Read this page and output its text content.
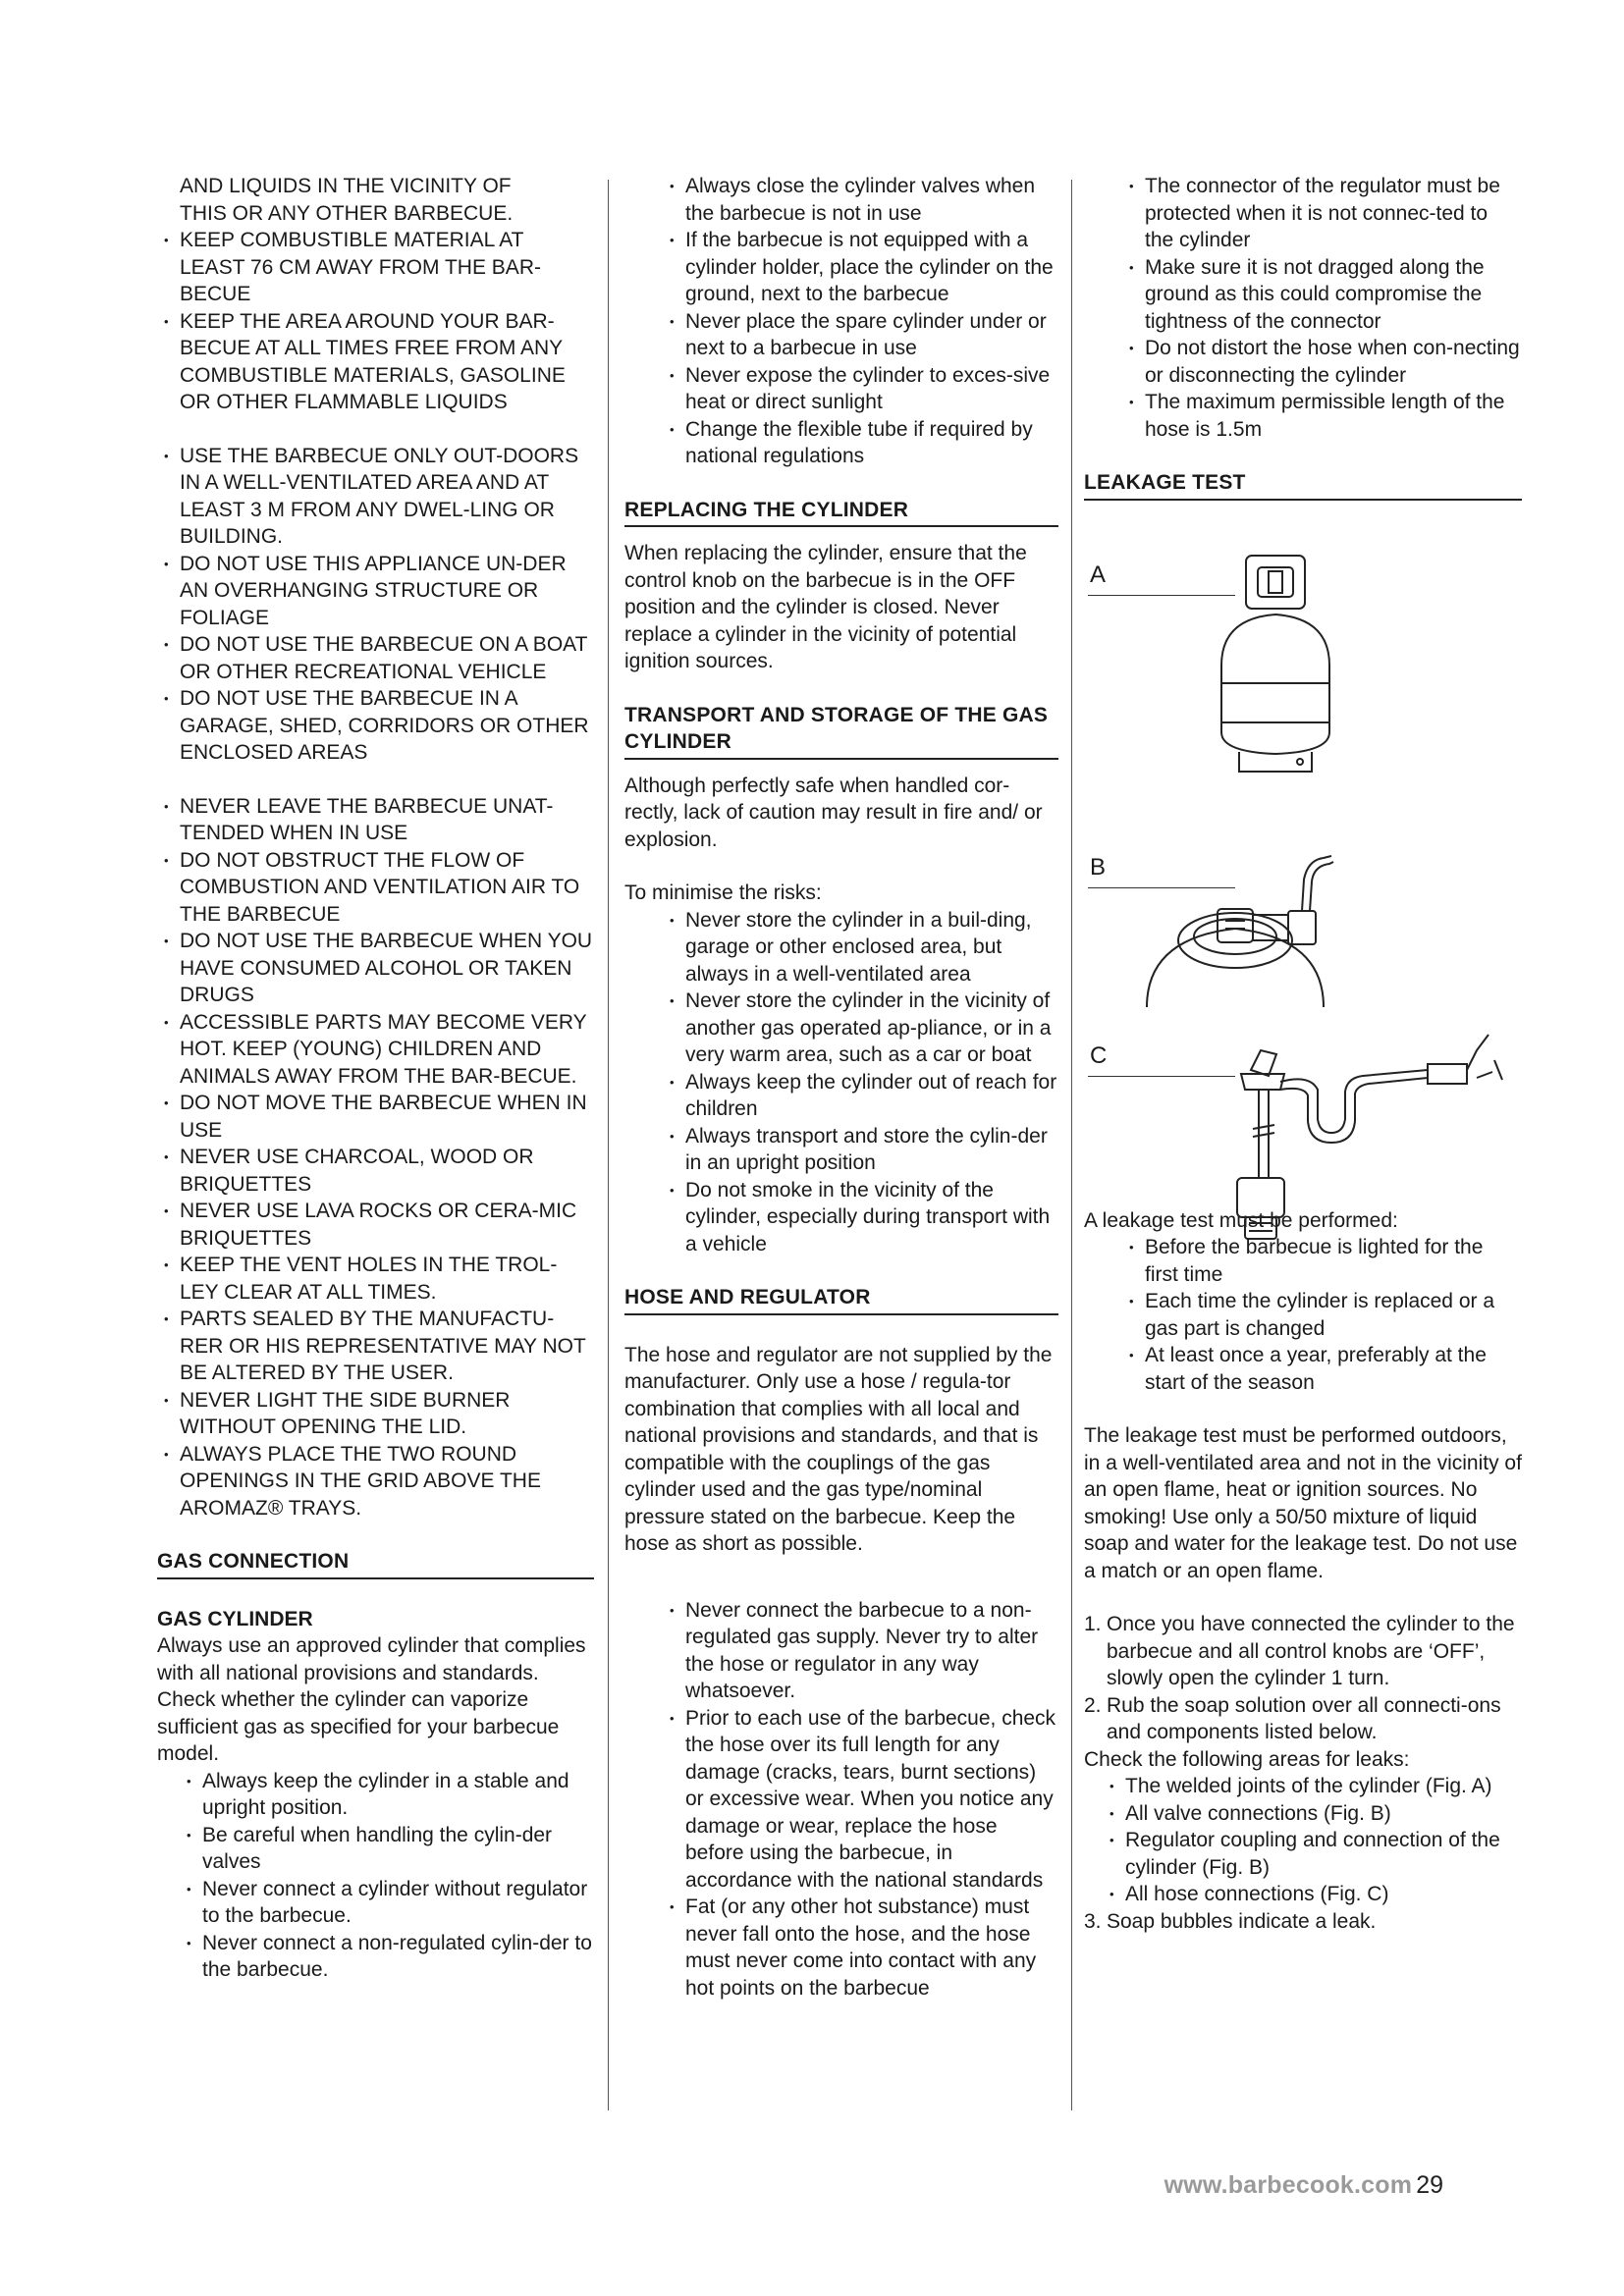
AND LIQUIDS IN THE VICINITY OF

THIS OR ANY OTHER BARBECUE.

• KEEP COMBUSTIBLE MATERIAL AT LEAST 76 CM AWAY FROM THE BAR-BECUE
• KEEP THE AREA AROUND YOUR BAR-BECUE AT ALL TIMES FREE FROM ANY COMBUSTIBLE MATERIALS, GASOLINE OR OTHER FLAMMABLE LIQUIDS
• USE THE BARBECUE ONLY OUT-DOORS IN A WELL-VENTILATED AREA AND AT LEAST 3 M FROM ANY DWEL-LING OR BUILDING.
• DO NOT USE THIS APPLIANCE UN-DER AN OVERHANGING STRUCTURE OR FOLIAGE
• DO NOT USE THE BARBECUE ON A BOAT OR OTHER RECREATIONAL VEHICLE
• DO NOT USE THE BARBECUE IN A GARAGE, SHED, CORRIDORS OR OTHER ENCLOSED AREAS
• NEVER LEAVE THE BARBECUE UNAT-TENDED WHEN IN USE
• DO NOT OBSTRUCT THE FLOW OF COMBUSTION AND VENTILATION AIR TO THE BARBECUE
• DO NOT USE THE BARBECUE WHEN YOU HAVE CONSUMED ALCOHOL OR TAKEN DRUGS
• ACCESSIBLE PARTS MAY BECOME VERY HOT. KEEP (YOUNG) CHILDREN AND ANIMALS AWAY FROM THE BAR-BECUE.
• DO NOT MOVE THE BARBECUE WHEN IN USE
• NEVER USE CHARCOAL, WOOD OR BRIQUETTES
• NEVER USE LAVA ROCKS OR CERA-MIC BRIQUETTES
• KEEP THE VENT HOLES IN THE TROL-LEY CLEAR AT ALL TIMES.
• PARTS SEALED BY THE MANUFACTU-RER OR HIS REPRESENTATIVE MAY NOT BE ALTERED BY THE USER.
• NEVER LIGHT THE SIDE BURNER WITHOUT OPENING THE LID.
• ALWAYS PLACE THE TWO ROUND OPENINGS IN THE GRID ABOVE THE AROMAZ® TRAYS.
GAS CONNECTION
GAS CYLINDER

Always use an approved cylinder that complies with all national provisions and standards. Check whether the cylinder can vaporize sufficient gas as specified for your barbecue model.

• Always keep the cylinder in a stable and upright position.
• Be careful when handling the cylin-der valves
• Never connect a cylinder without regulator to the barbecue.
• Never connect a non-regulated cylin-der to the barbecue.
• Always close the cylinder valves when the barbecue is not in use
• If the barbecue is not equipped with a cylinder holder, place the cylinder on the ground, next to the barbecue
• Never place the spare cylinder under or next to a barbecue in use
• Never expose the cylinder to exces-sive heat or direct sunlight
• Change the flexible tube if required by national regulations
REPLACING THE CYLINDER

When replacing the cylinder, ensure that the control knob on the barbecue is in the OFF position and the cylinder is closed. Never replace a cylinder in the vicinity of potential ignition sources.

TRANSPORT AND STORAGE OF THE GAS CYLINDER

Although perfectly safe when handled cor-rectly, lack of caution may result in fire and/ or explosion.

To minimise the risks:

• Never store the cylinder in a buil-ding, garage or other enclosed area, but always in a well-ventilated area
• Never store the cylinder in the vicinity of another gas operated ap-pliance, or in a very warm area, such as a car or boat
• Always keep the cylinder out of reach for children
• Always transport and store the cylin-der in an upright position
• Do not smoke in the vicinity of the cylinder, especially during transport with a vehicle
HOSE AND REGULATOR

The hose and regulator are not supplied by the manufacturer. Only use a hose / regula-tor combination that complies with all local and national provisions and standards, and that is compatible with the couplings of the gas cylinder used and the gas type/nominal pressure stated on the barbecue. Keep the hose as short as possible.

• Never connect the barbecue to a non-regulated gas supply. Never try to alter the hose or regulator in any way whatsoever.
• Prior to each use of the barbecue, check the hose over its full length for any damage (cracks, tears, burnt sections) or excessive wear. When you notice any damage or wear, replace the hose before using the barbecue, in accordance with the national standards
• Fat (or any other hot substance) must never fall onto the hose, and the hose must never come into contact with any hot points on the barbecue
• The connector of the regulator must be protected when it is not connec-ted to the cylinder
• Make sure it is not dragged along the ground as this could compromise the tightness of the connector
• Do not distort the hose when con-necting or disconnecting the cylinder
• The maximum permissible length of the hose is 1.5m
LEAKAGE TEST
A
B
C

A leakage test must be performed:

• Before the barbecue is lighted for the first time
• Each time the cylinder is replaced or a gas part is changed
• At least once a year, preferably at the start of the season

The leakage test must be performed outdoors, in a well-ventilated area and not in the vicinity of an open flame, heat or ignition sources. No smoking! Use only a 50/50 mixture of liquid soap and water for the leakage test. Do not use a match or an open flame.

1. Once you have connected the cylinder to the barbecue and all control knobs are ‘OFF’, slowly open the cylinder 1 turn.
2. Rub the soap solution over all connecti-ons and components listed below.

Check the following areas for leaks:

• The welded joints of the cylinder (Fig. A)
• All valve connections (Fig. B)
• Regulator coupling and connection of the cylinder (Fig. B)
• All hose connections (Fig. C)
3. Soap bubbles indicate a leak.
www.barbecook.com 29
